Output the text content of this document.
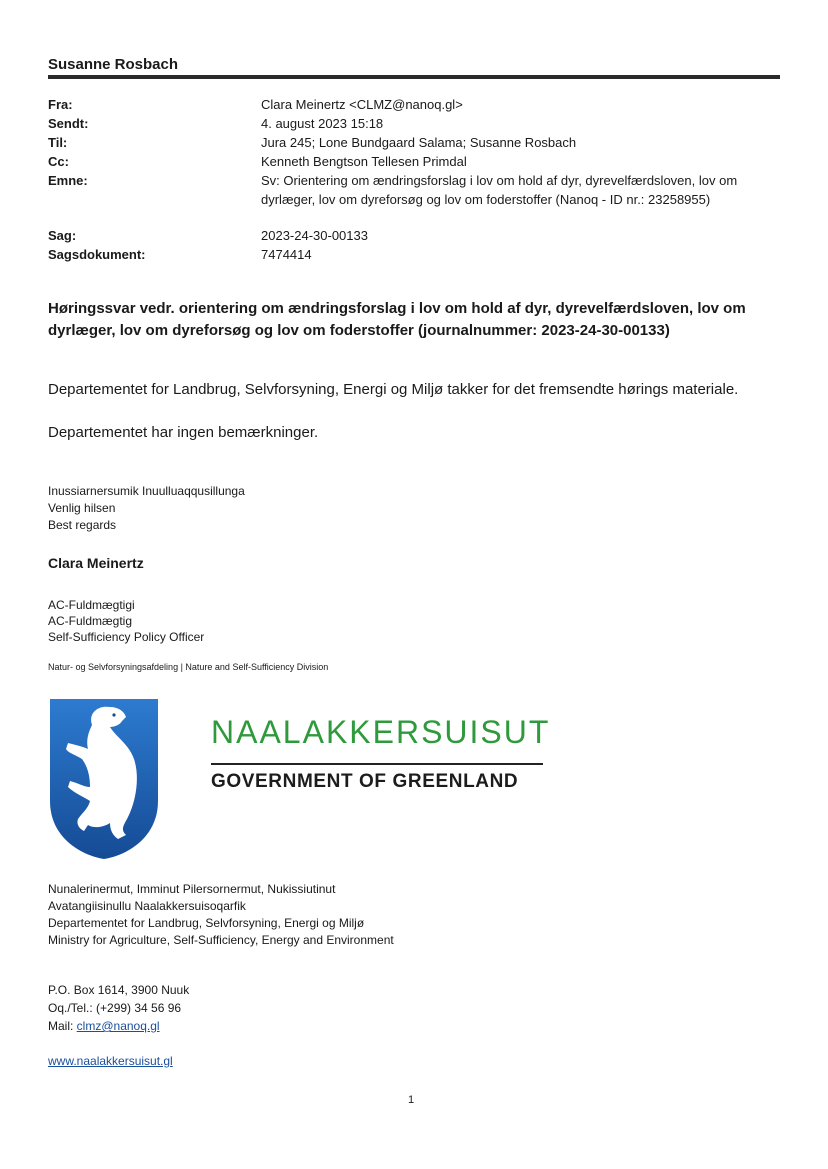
Susanne Rosbach
Fra:	Clara Meinertz <CLMZ@nanoq.gl>
Sendt:	4. august 2023 15:18
Til:	Jura 245; Lone Bundgaard Salama; Susanne Rosbach
Cc:	Kenneth Bengtson Tellesen Primdal
Emne:	Sv: Orientering om ændringsforslag i lov om hold af dyr, dyrevelfærdsloven, lov om dyrlæger, lov om dyreforsøg og lov om foderstoffer (Nanoq - ID nr.: 23258955)
Sag:	2023-24-30-00133
Sagsdokument:	7474414
Høringssvar vedr. orientering om ændringsforslag i lov om hold af dyr, dyrevelfærdsloven, lov om dyrlæger, lov om dyreforsøg og lov om foderstoffer (journalnummer: 2023-24-30-00133)
Departementet for Landbrug, Selvforsyning, Energi og Miljø takker for det fremsendte hørings materiale.
Departementet har ingen bemærkninger.
Inussiarnersumik Inuulluaqqusillunga
Venlig hilsen
Best regards
Clara Meinertz
AC-Fuldmægtigi
AC-Fuldmægtig
Self-Sufficiency Policy Officer
Natur- og Selvforsyningsafdeling | Nature and Self-Sufficiency Division
NAALAKKERSUISUT
GOVERNMENT OF GREENLAND
Nunalerinermut, Imminut Pilersornermut, Nukissiutinut
Avatangiisinullu Naalakkersuisoqarfik
Departementet for Landbrug, Selvforsyning, Energi og Miljø
Ministry for Agriculture, Self-Sufficiency, Energy and Environment
P.O. Box 1614, 3900 Nuuk
Oq./Tel.: (+299) 34 56 96
Mail: clmz@nanoq.gl
www.naalakkersuisut.gl
1
